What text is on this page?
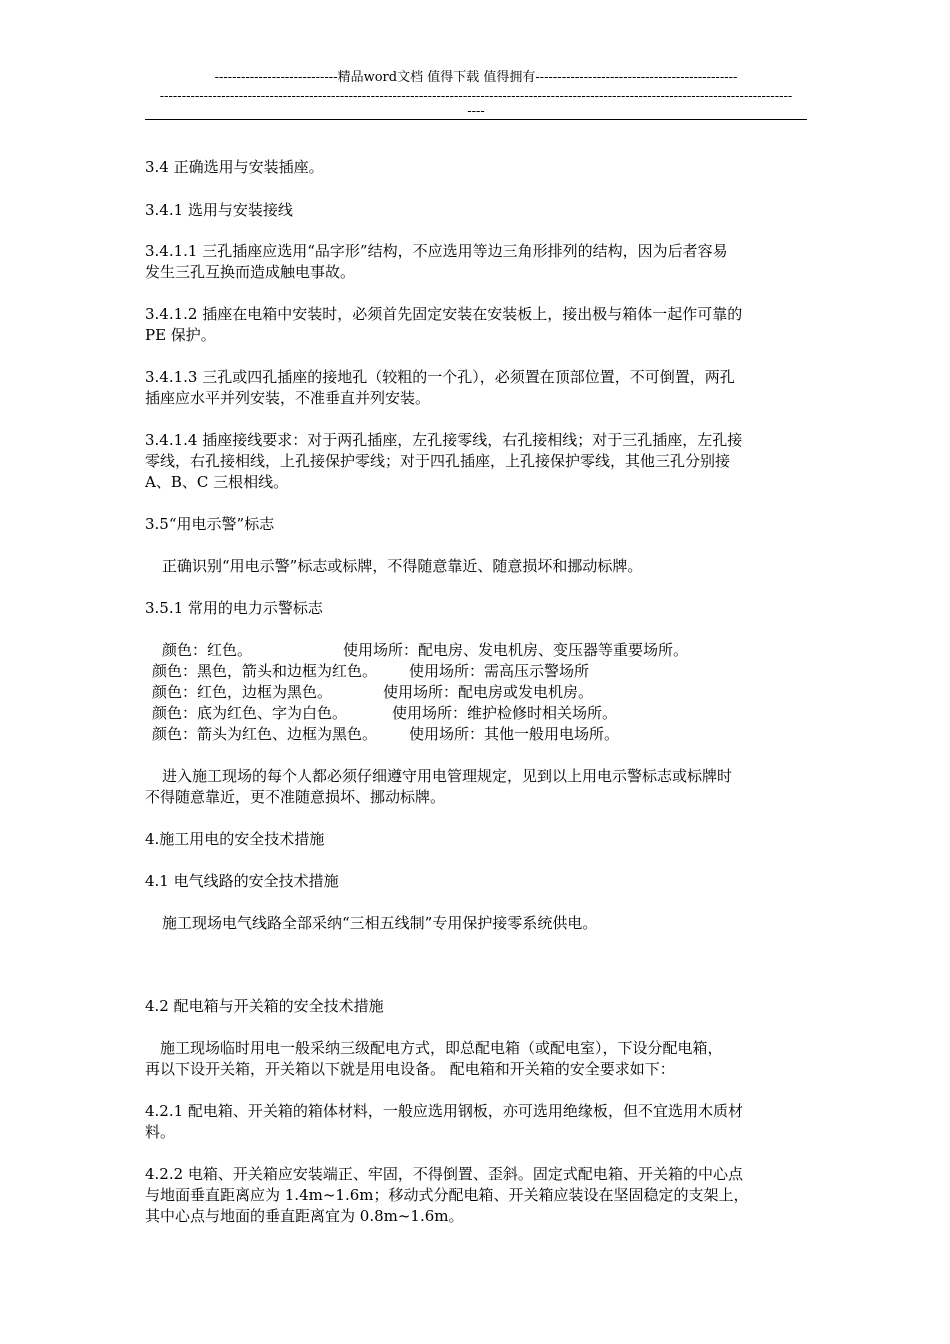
----------------------------精品word文档 值得下载 值得拥有----------------------------------------------
------------------------------------------------------------------------------------------------------------------------------------------------
----

3.4 正确选用与安装插座。

3.4.1 选用与安装接线

3.4.1.1 三孔插座应选用“品字形”结构，不应选用等边三角形排列的结构，因为后者容易

发生三孔互换而造成触电事故。

3.4.1.2 插座在电箱中安装时，必须首先固定安装在安装板上，接出极与箱体一起作可靠的

PE 保护。

3.4.1.3 三孔或四孔插座的接地孔（较粗的一个孔），必须置在顶部位置，不可倒置，两孔

插座应水平并列安装，不准垂直并列安装。

3.4.1.4 插座接线要求：对于两孔插座，左孔接零线，右孔接相线；对于三孔插座，左孔接

零线，右孔接相线，上孔接保护零线；对于四孔插座，上孔接保护零线，其他三孔分别接

A、B、C 三根相线。

3.5“用电示警”标志

正确识别“用电示警”标志或标牌，不得随意靠近、随意损坏和挪动标牌。

3.5.1 常用的电力示警标志

颜色：红色。	使用场所：配电房、发电机房、变压器等重要场所。
颜色：黑色，箭头和边框为红色。 使用场所：需高压示警场所
颜色：红色，边框为黑色。	使用场所：配电房或发电机房。
颜色：底为红色、字为白色。	使用场所：维护检修时相关场所。
颜色：箭头为红色、边框为黑色。 使用场所：其他一般用电场所。

进入施工现场的每个人都必须仔细遵守用电管理规定，见到以上用电示警标志或标牌时

不得随意靠近，更不准随意损坏、挪动标牌。

4.施工用电的安全技术措施

4.1 电气线路的安全技术措施

施工现场电气线路全部采纳“三相五线制”专用保护接零系统供电。

4.2 配电箱与开关箱的安全技术措施

施工现场临时用电一般采纳三级配电方式，即总配电箱（或配电室），下设分配电箱，

再以下设开关箱，开关箱以下就是用电设备。 配电箱和开关箱的安全要求如下：

4.2.1 配电箱、开关箱的箱体材料，一般应选用钢板，亦可选用绝缘板，但不宜选用木质材

料。

4.2.2 电箱、开关箱应安装端正、牢固，不得倒置、歪斜。固定式配电箱、开关箱的中心点

与地面垂直距离应为 1.4m~1.6m；移动式分配电箱、开关箱应装设在坚固稳定的支架上，

其中心点与地面的垂直距离宜为 0.8m~1.6m。
